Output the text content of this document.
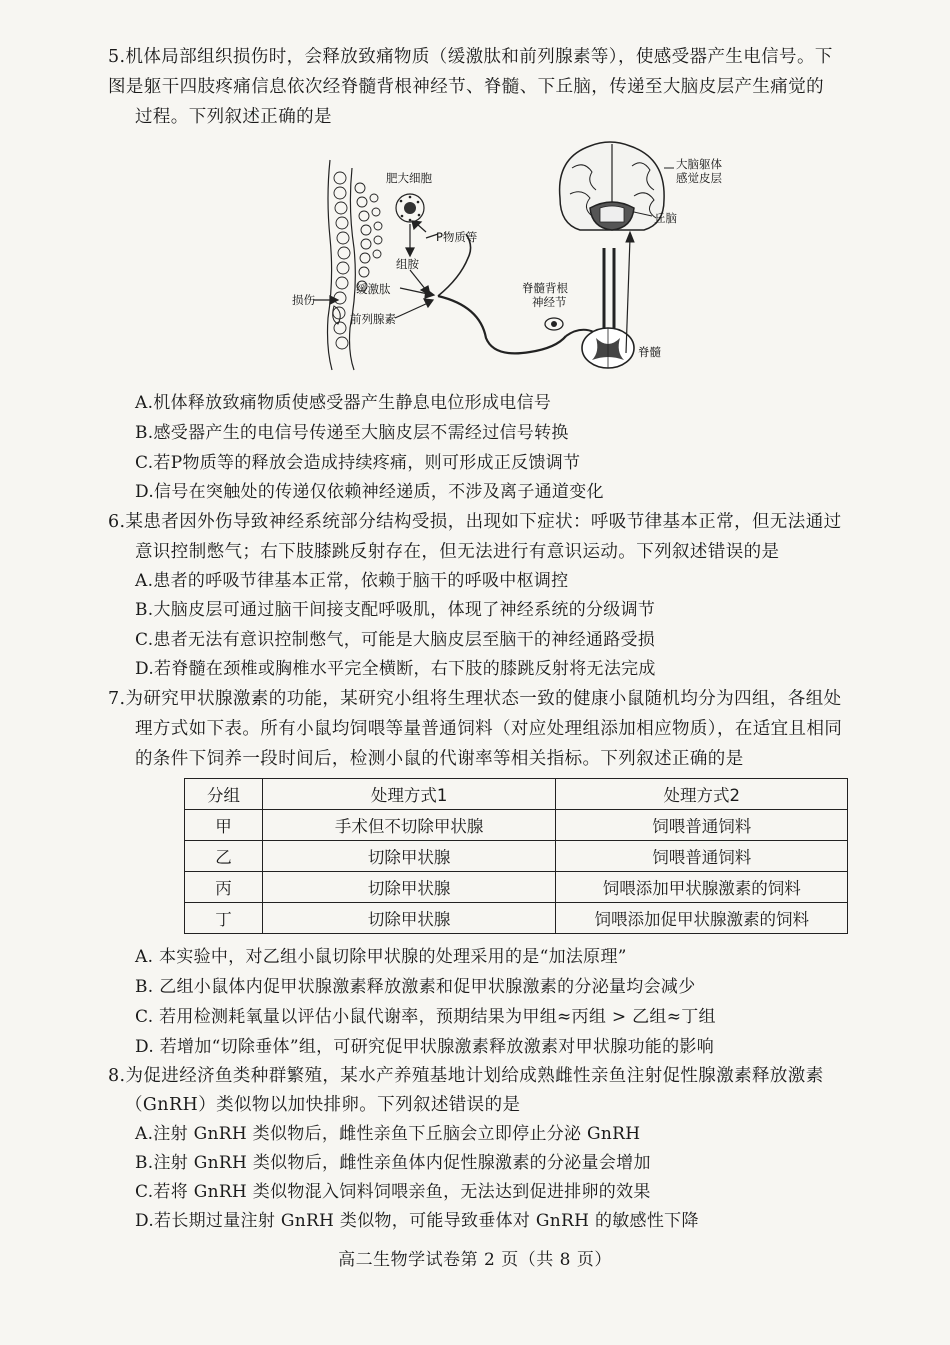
5.机体局部组织损伤时，会释放致痛物质（缓激肽和前列腺素等），使感受器产生电信号。下
图是躯干四肢疼痛信息依次经脊髓背根神经节、脊髓、下丘脑，传递至大脑皮层产生痛觉的
过程。下列叙述正确的是
肥大细胞
P物质等
组胺
损伤
缓激肽
前列腺素
大脑躯体
感觉皮层
丘脑
脊髓背根
神经节
脊髓
A.机体释放致痛物质使感受器产生静息电位形成电信号
B.感受器产生的电信号传递至大脑皮层不需经过信号转换
C.若P物质等的释放会造成持续疼痛，则可形成正反馈调节
D.信号在突触处的传递仅依赖神经递质，不涉及离子通道变化
6.某患者因外伤导致神经系统部分结构受损，出现如下症状：呼吸节律基本正常，但无法通过
意识控制憋气；右下肢膝跳反射存在，但无法进行有意识运动。下列叙述错误的是
A.患者的呼吸节律基本正常，依赖于脑干的呼吸中枢调控
B.大脑皮层可通过脑干间接支配呼吸肌，体现了神经系统的分级调节
C.患者无法有意识控制憋气，可能是大脑皮层至脑干的神经通路受损
D.若脊髓在颈椎或胸椎水平完全横断，右下肢的膝跳反射将无法完成
7.为研究甲状腺激素的功能，某研究小组将生理状态一致的健康小鼠随机均分为四组，各组处
理方式如下表。所有小鼠均饲喂等量普通饲料（对应处理组添加相应物质），在适宜且相同
的条件下饲养一段时间后，检测小鼠的代谢率等相关指标。下列叙述正确的是
分组	处理方式1	处理方式2
甲	手术但不切除甲状腺	饲喂普通饲料
乙	切除甲状腺	饲喂普通饲料
丙	切除甲状腺	饲喂添加甲状腺激素的饲料
丁	切除甲状腺	饲喂添加促甲状腺激素的饲料
A. 本实验中，对乙组小鼠切除甲状腺的处理采用的是“加法原理”
B. 乙组小鼠体内促甲状腺激素释放激素和促甲状腺激素的分泌量均会减少
C. 若用检测耗氧量以评估小鼠代谢率，预期结果为甲组≈丙组 > 乙组≈丁组
D. 若增加“切除垂体”组，可研究促甲状腺激素释放激素对甲状腺功能的影响
8.为促进经济鱼类种群繁殖，某水产养殖基地计划给成熟雌性亲鱼注射促性腺激素释放激素
（GnRH）类似物以加快排卵。下列叙述错误的是
A.注射 GnRH 类似物后，雌性亲鱼下丘脑会立即停止分泌 GnRH
B.注射 GnRH 类似物后，雌性亲鱼体内促性腺激素的分泌量会增加
C.若将 GnRH 类似物混入饲料饲喂亲鱼，无法达到促进排卵的效果
D.若长期过量注射 GnRH 类似物，可能导致垂体对 GnRH 的敏感性下降
高二生物学试卷第 2 页（共 8 页）
